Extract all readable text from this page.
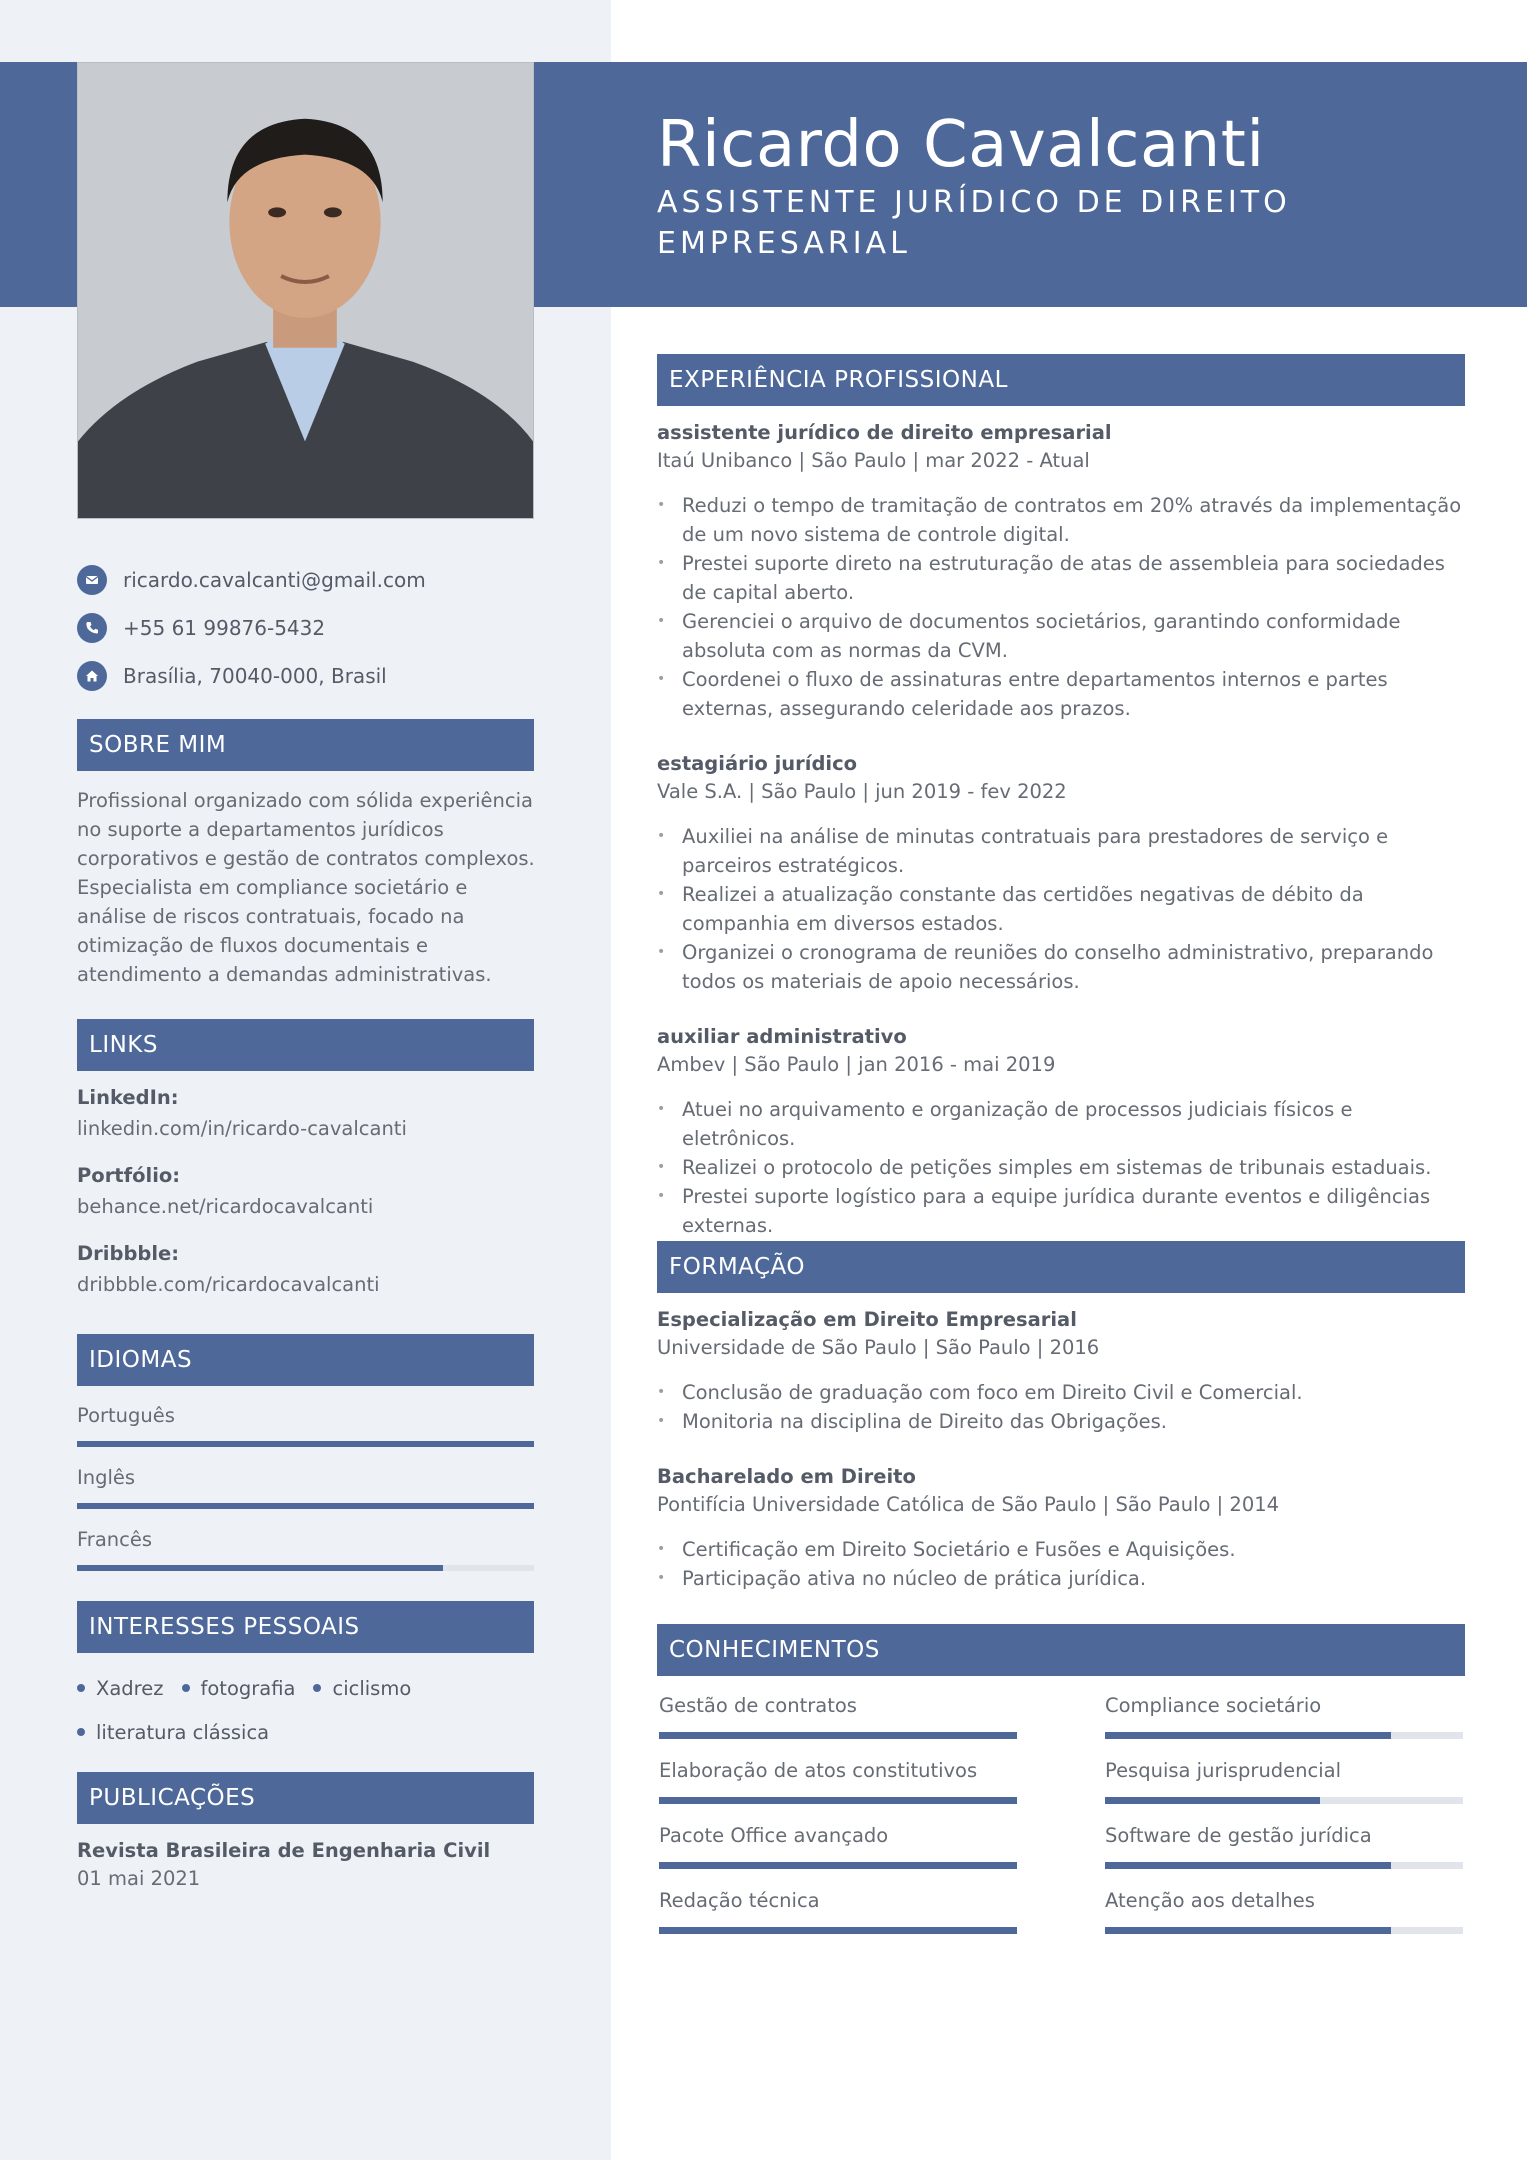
Ricardo Cavalcanti
ASSISTENTE JURÍDICO DE DIREITO EMPRESARIAL
ricardo.cavalcanti@gmail.com
+55 61 99876-5432
Brasília, 70040-000, Brasil
SOBRE MIM
Profissional organizado com sólida experiência no suporte a departamentos jurídicos corporativos e gestão de contratos complexos. Especialista em compliance societário e análise de riscos contratuais, focado na otimização de fluxos documentais e atendimento a demandas administrativas.
LINKS
LinkedIn:
linkedin.com/in/ricardo-cavalcanti
Portfólio:
behance.net/ricardocavalcanti
Dribbble:
dribbble.com/ricardocavalcanti
IDIOMAS
Português
Inglês
Francês
INTERESSES PESSOAIS
Xadrez fotografia ciclismo
literatura clássica
PUBLICAÇÕES
Revista Brasileira de Engenharia Civil
01 mai 2021
EXPERIÊNCIA PROFISSIONAL
assistente jurídico de direito empresarial
Itaú Unibanco | São Paulo | mar 2022 - Atual
• Reduzi o tempo de tramitação de contratos em 20% através da implementação de um novo sistema de controle digital.
• Prestei suporte direto na estruturação de atas de assembleia para sociedades de capital aberto.
• Gerenciei o arquivo de documentos societários, garantindo conformidade absoluta com as normas da CVM.
• Coordenei o fluxo de assinaturas entre departamentos internos e partes externas, assegurando celeridade aos prazos.
estagiário jurídico
Vale S.A. | São Paulo | jun 2019 - fev 2022
• Auxiliei na análise de minutas contratuais para prestadores de serviço e parceiros estratégicos.
• Realizei a atualização constante das certidões negativas de débito da companhia em diversos estados.
• Organizei o cronograma de reuniões do conselho administrativo, preparando todos os materiais de apoio necessários.
auxiliar administrativo
Ambev | São Paulo | jan 2016 - mai 2019
• Atuei no arquivamento e organização de processos judiciais físicos e eletrônicos.
• Realizei o protocolo de petições simples em sistemas de tribunais estaduais.
• Prestei suporte logístico para a equipe jurídica durante eventos e diligências externas.
FORMAÇÃO
Especialização em Direito Empresarial
Universidade de São Paulo | São Paulo | 2016
• Conclusão de graduação com foco em Direito Civil e Comercial.
• Monitoria na disciplina de Direito das Obrigações.
Bacharelado em Direito
Pontifícia Universidade Católica de São Paulo | São Paulo | 2014
• Certificação em Direito Societário e Fusões e Aquisições.
• Participação ativa no núcleo de prática jurídica.
CONHECIMENTOS
Gestão de contratos	Compliance societário
Elaboração de atos constitutivos	Pesquisa jurisprudencial
Pacote Office avançado	Software de gestão jurídica
Redação técnica	Atenção aos detalhes
